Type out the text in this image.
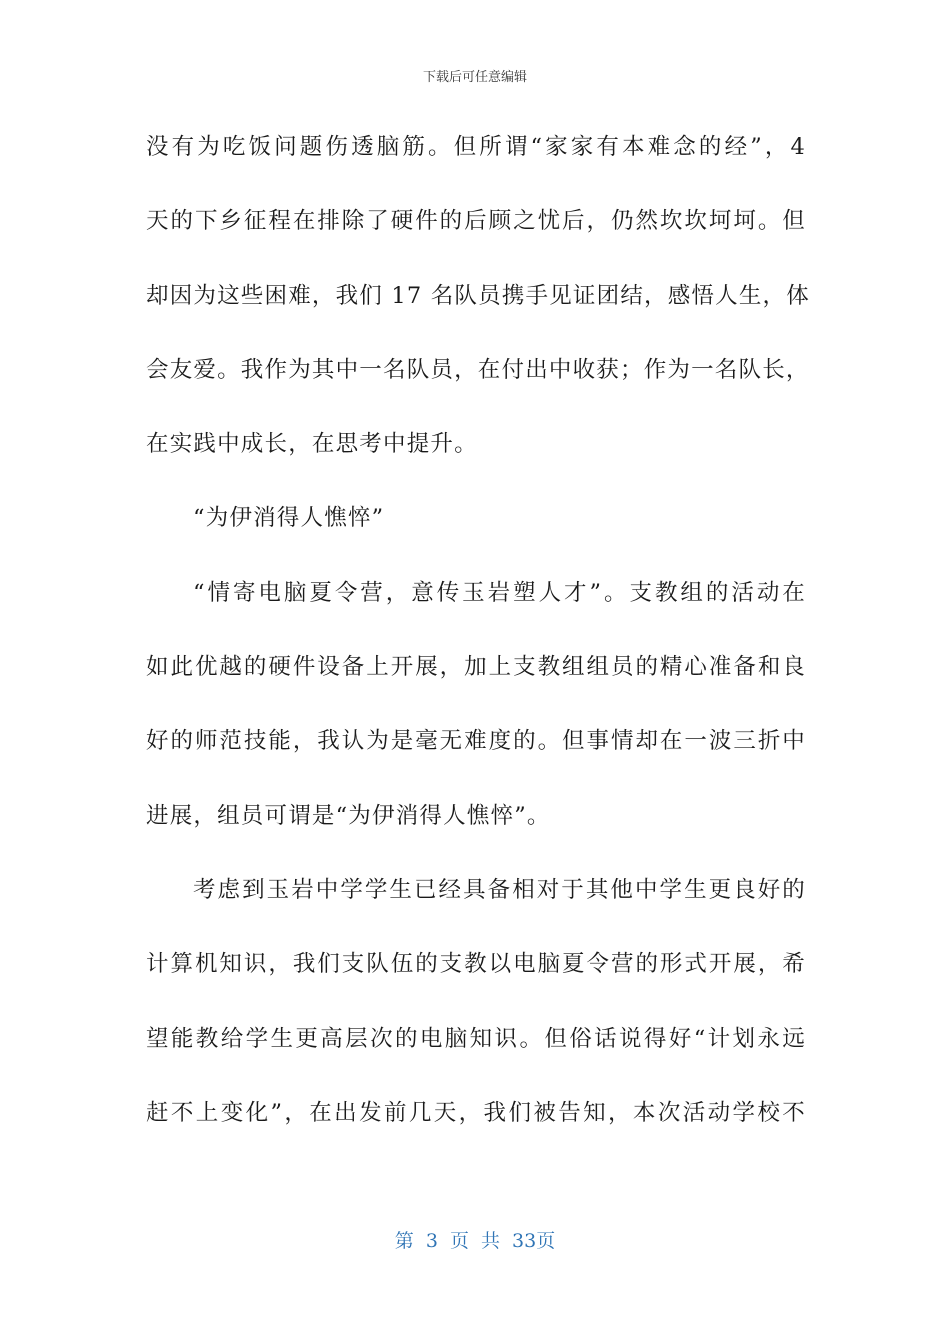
下载后可任意编辑
没有为吃饭问题伤透脑筋。但所谓“家家有本难念的经”，4
天的下乡征程在排除了硬件的后顾之忧后，仍然坎坎坷坷。但
却因为这些困难，我们 17 名队员携手见证团结，感悟人生，体
会友爱。我作为其中一名队员，在付出中收获；作为一名队长，
在实践中成长，在思考中提升。
“为伊消得人憔悴”
“情寄电脑夏令营，意传玉岩塑人才”。支教组的活动在
如此优越的硬件设备上开展，加上支教组组员的精心准备和良
好的师范技能，我认为是毫无难度的。但事情却在一波三折中
进展，组员可谓是“为伊消得人憔悴”。
考虑到玉岩中学学生已经具备相对于其他中学生更良好的
计算机知识，我们支队伍的支教以电脑夏令营的形式开展，希
望能教给学生更高层次的电脑知识。但俗话说得好“计划永远
赶不上变化”，在出发前几天，我们被告知，本次活动学校不
第 3 页 共 33页
